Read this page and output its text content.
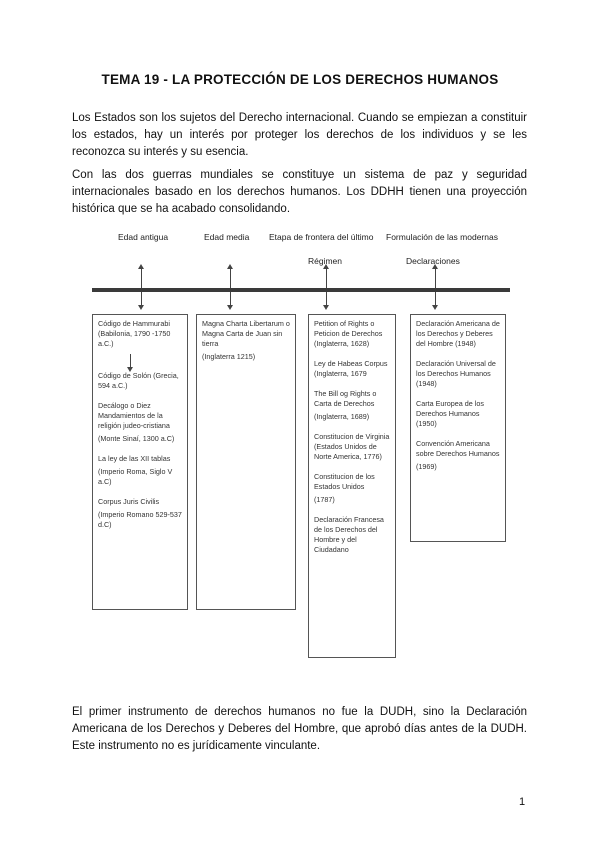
TEMA 19 - LA PROTECCIÓN DE LOS DERECHOS HUMANOS

Los Estados son los sujetos del Derecho internacional. Cuando se empiezan a constituir los estados, hay un interés por proteger los derechos de los individuos y se les reconozca su interés y su esencia.

Con las dos guerras mundiales se constituye un sistema de paz y seguridad internacionales basado en los derechos humanos. Los DDHH tienen una proyección histórica que se ha acabado consolidando.

Edad antigua	Edad media Etapa de frontera del último
Régimen
Formulación de las modernas
Declaraciones
Código de Hammurabi (Babilonia, 1790 -1750 a.C.)
Código de Solón (Grecia, 594 a.C.)
Decálogo o Diez Mandamientos de la religión judeo-cristiana
(Monte Sinaí, 1300 a.C)
La ley de las XII tablas
(Imperio Roma, Siglo V a.C)
Corpus Juris Civilis
(Imperio Romano 529-537 d.C)
Magna Charta Libertarum o Magna Carta de Juan sin tierra
(Inglaterra 1215)
Petition of Rights o Peticion de Derechos (Inglaterra, 1628)
Ley de Habeas Corpus (Inglaterra, 1679
The Bill og Rights o Carta de Derechos
(Inglaterra, 1689)
Constitucion de Virginia (Estados Unidos de Norte America, 1776)
Constitucion de los Estados Unidos
(1787)
Declaración Francesa de los Derechos del Hombre y del Ciudadano
Declaración Americana de los Derechos y Deberes del Hombre (1948)
Declaración Universal de los Derechos Humanos (1948)
Carta Europea de los Derechos Humanos (1950)
Convención Americana sobre Derechos Humanos
(1969)

El primer instrumento de derechos humanos no fue la DUDH, sino la Declaración Americana de los Derechos y Deberes del Hombre, que aprobó días antes de la DUDH. Este instrumento no es jurídicamente vinculante.

1
